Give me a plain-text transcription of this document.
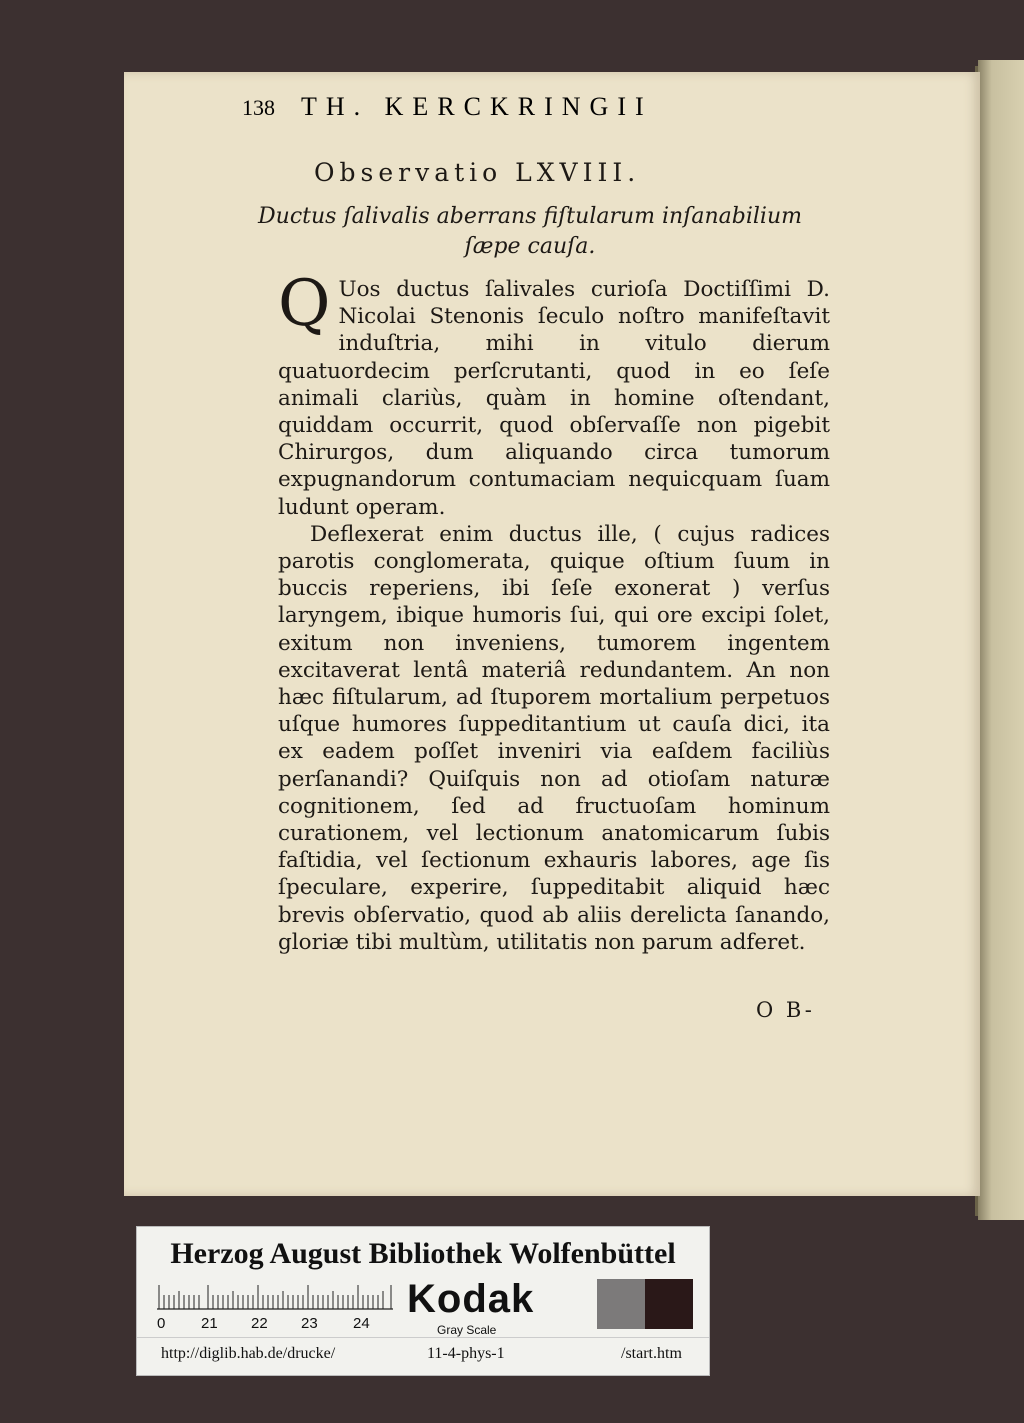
138 TH. KERCKRINGII
Observatio LXVIII.
Ductus ſalivalis aberrans fiſtularum inſanabilium
ſæpe cauſa.

Q Uos ductus ſalivales curioſa Doctiſſimi D. Nicolai Stenonis ſeculo noſtro manifeſtavit induſtria, mihi in vitulo dierum quatuordecim perſcrutanti, quod in eo ſeſe animali clariùs, quàm in homine oſtendant, quiddam occurrit, quod obſervaſſe non pigebit Chirurgos, dum aliquando circa tumorum expugnandorum contumaciam nequicquam ſuam ludunt operam.

Deflexerat enim ductus ille, ( cujus radices parotis conglomerata, quique oſtium ſuum in buccis reperiens, ibi ſeſe exonerat ) verſus laryngem, ibique humoris ſui, qui ore excipi ſolet, exitum non inveniens, tumorem ingentem excitaverat lentâ materiâ redundantem. An non hæc fiſtularum, ad ſtuporem mortalium perpetuos uſque humores ſuppeditantium ut cauſa dici, ita ex eadem poſſet inveniri via eaſdem faciliùs perſanandi? Quiſquis non ad otioſam naturæ cognitionem, ſed ad fructuoſam hominum curationem, vel lectionum anatomicarum ſubis faſtidia, vel ſectionum exhauris labores, age ſis ſpeculare, experire, ſuppeditabit aliquid hæc brevis obſervatio, quod ab aliis derelicta ſanando, gloriæ tibi multùm, utilitatis non parum adferet.

O B-
Herzog August Bibliothek Wolfenbüttel
0 21 22 23 24
Kodak
Gray Scale
http://diglib.hab.de/drucke/	11-4-phys-1	/start.htm
